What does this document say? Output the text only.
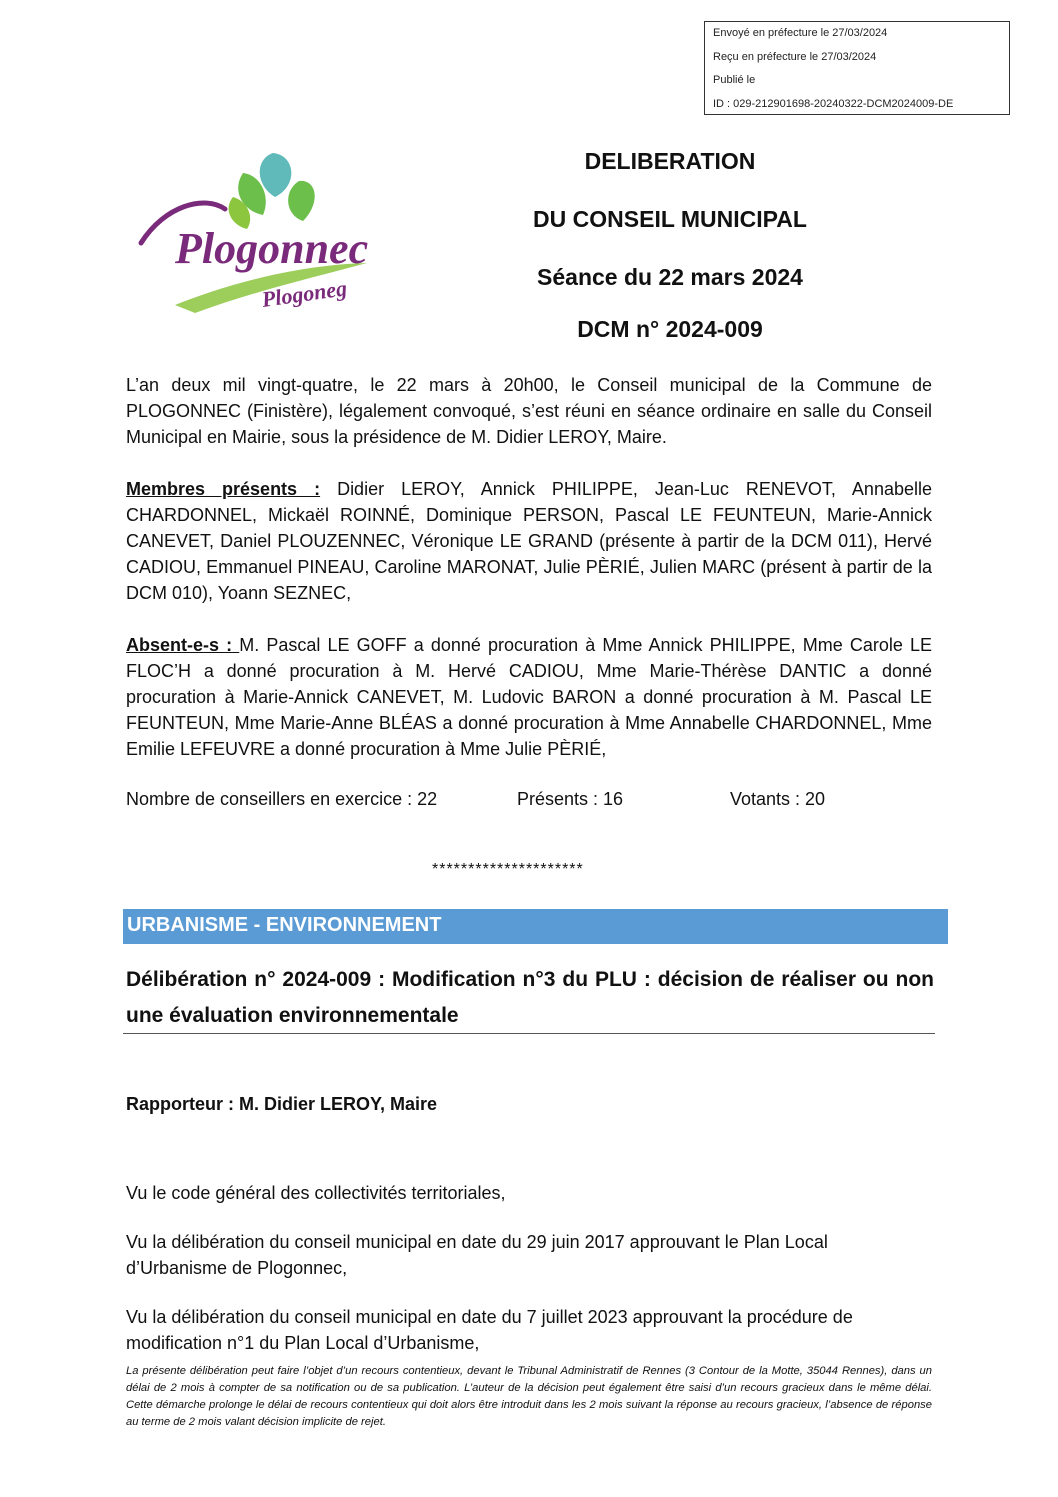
Envoyé en préfecture le 27/03/2024
Reçu en préfecture le 27/03/2024
Publié le
ID : 029-212901698-20240322-DCM2024009-DE
Plogonnec
Plogoneg
DELIBERATION
DU CONSEIL MUNICIPAL
Séance du 22 mars 2024
DCM n° 2024-009
L’an deux mil vingt-quatre, le 22 mars à 20h00, le Conseil municipal de la Commune de PLOGONNEC (Finistère), légalement convoqué, s’est réuni en séance ordinaire en salle du Conseil Municipal en Mairie, sous la présidence de M. Didier LEROY, Maire.
Membres présents : Didier LEROY, Annick PHILIPPE, Jean-Luc RENEVOT, Annabelle CHARDONNEL, Mickaël ROINNÉ, Dominique PERSON, Pascal LE FEUNTEUN, Marie-Annick CANEVET, Daniel PLOUZENNEC, Véronique LE GRAND (présente à partir de la DCM 011), Hervé CADIOU, Emmanuel PINEAU, Caroline MARONAT, Julie PÈRIÉ, Julien MARC (présent à partir de la DCM 010), Yoann SEZNEC,
Absent-e-s : M. Pascal LE GOFF a donné procuration à Mme Annick PHILIPPE, Mme Carole LE FLOC’H a donné procuration à M. Hervé CADIOU, Mme Marie-Thérèse DANTIC a donné procuration à Marie-Annick CANEVET, M. Ludovic BARON a donné procuration à M. Pascal LE FEUNTEUN, Mme Marie-Anne BLÉAS a donné procuration à Mme Annabelle CHARDONNEL, Mme Emilie LEFEUVRE a donné procuration à Mme Julie PÈRIÉ,
Nombre de conseillers en exercice : 22	Présents : 16	Votants : 20
*********************
URBANISME - ENVIRONNEMENT
Délibération n° 2024-009 : Modification n°3 du PLU : décision de réaliser ou non une évaluation environnementale
Rapporteur : M. Didier LEROY, Maire
Vu le code général des collectivités territoriales,
Vu la délibération du conseil municipal en date du 29 juin 2017 approuvant le Plan Local d’Urbanisme de Plogonnec,
Vu la délibération du conseil municipal en date du 7 juillet 2023 approuvant la procédure de modification n°1 du Plan Local d’Urbanisme,
La présente délibération peut faire l’objet d’un recours contentieux, devant le Tribunal Administratif de Rennes (3 Contour de la Motte, 35044 Rennes), dans un délai de 2 mois à compter de sa notification ou de sa publication. L’auteur de la décision peut également être saisi d’un recours gracieux dans le même délai. Cette démarche prolonge le délai de recours contentieux qui doit alors être introduit dans les 2 mois suivant la réponse au recours gracieux, l’absence de réponse au terme de 2 mois valant décision implicite de rejet.
